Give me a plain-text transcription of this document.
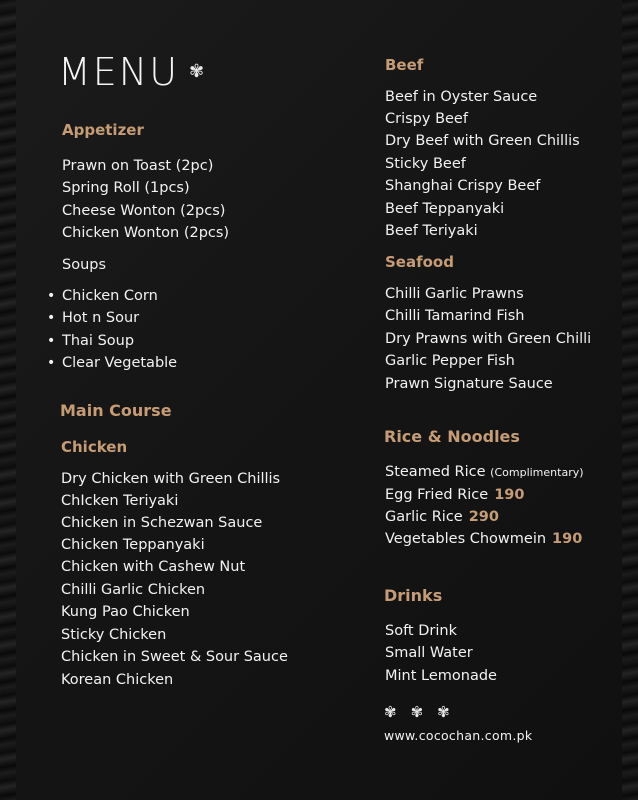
MENU ✾
Appetizer
Prawn on Toast (2pc)
Spring Roll (1pcs)
Cheese Wonton (2pcs)
Chicken Wonton (2pcs)
Soups
• Chicken Corn
• Hot n Sour
• Thai Soup
• Clear Vegetable
Main Course
Chicken
Dry Chicken with Green Chillis
ChIcken Teriyaki
Chicken in Schezwan Sauce
Chicken Teppanyaki
Chicken with Cashew Nut
Chilli Garlic Chicken
Kung Pao Chicken
Sticky Chicken
Chicken in Sweet & Sour Sauce
Korean Chicken
Beef
Beef in Oyster Sauce
Crispy Beef
Dry Beef with Green Chillis
Sticky Beef
Shanghai Crispy Beef
Beef Teppanyaki
Beef Teriyaki
Seafood
Chilli Garlic Prawns
Chilli Tamarind Fish
Dry Prawns with Green Chilli
Garlic Pepper Fish
Prawn Signature Sauce
Rice & Noodles
Steamed Rice (Complimentary)
Egg Fried Rice 190
Garlic Rice 290
Vegetables Chowmein 190
Drinks
Soft Drink
Small Water
Mint Lemonade
✾ ✾ ✾
www.cocochan.com.pk
